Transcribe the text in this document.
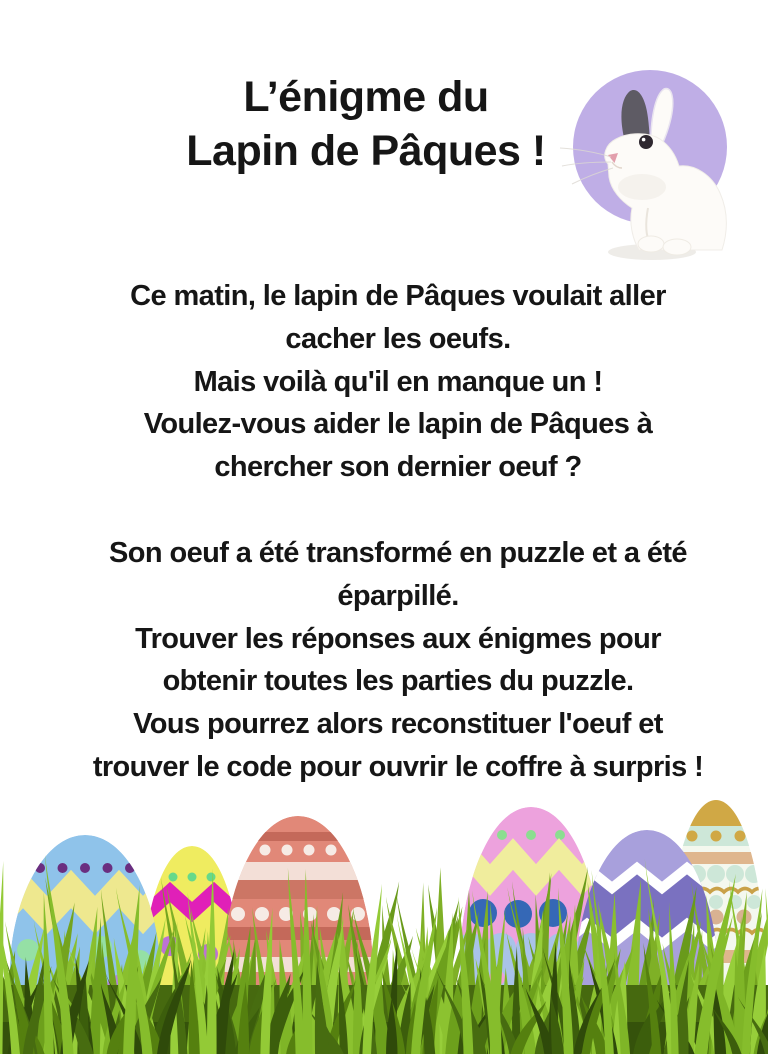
L’énigme du
Lapin de Pâques !
Ce matin, le lapin de Pâques voulait aller
cacher les oeufs.
Mais voilà qu'il en manque un !
Voulez-vous aider le lapin de Pâques à
chercher son dernier oeuf ?
Son oeuf a été transformé en puzzle et a été
éparpillé.
Trouver les réponses aux énigmes pour
obtenir toutes les parties du puzzle.
Vous pourrez alors reconstituer l'oeuf et
trouver le code pour ouvrir le coffre à surpris !
